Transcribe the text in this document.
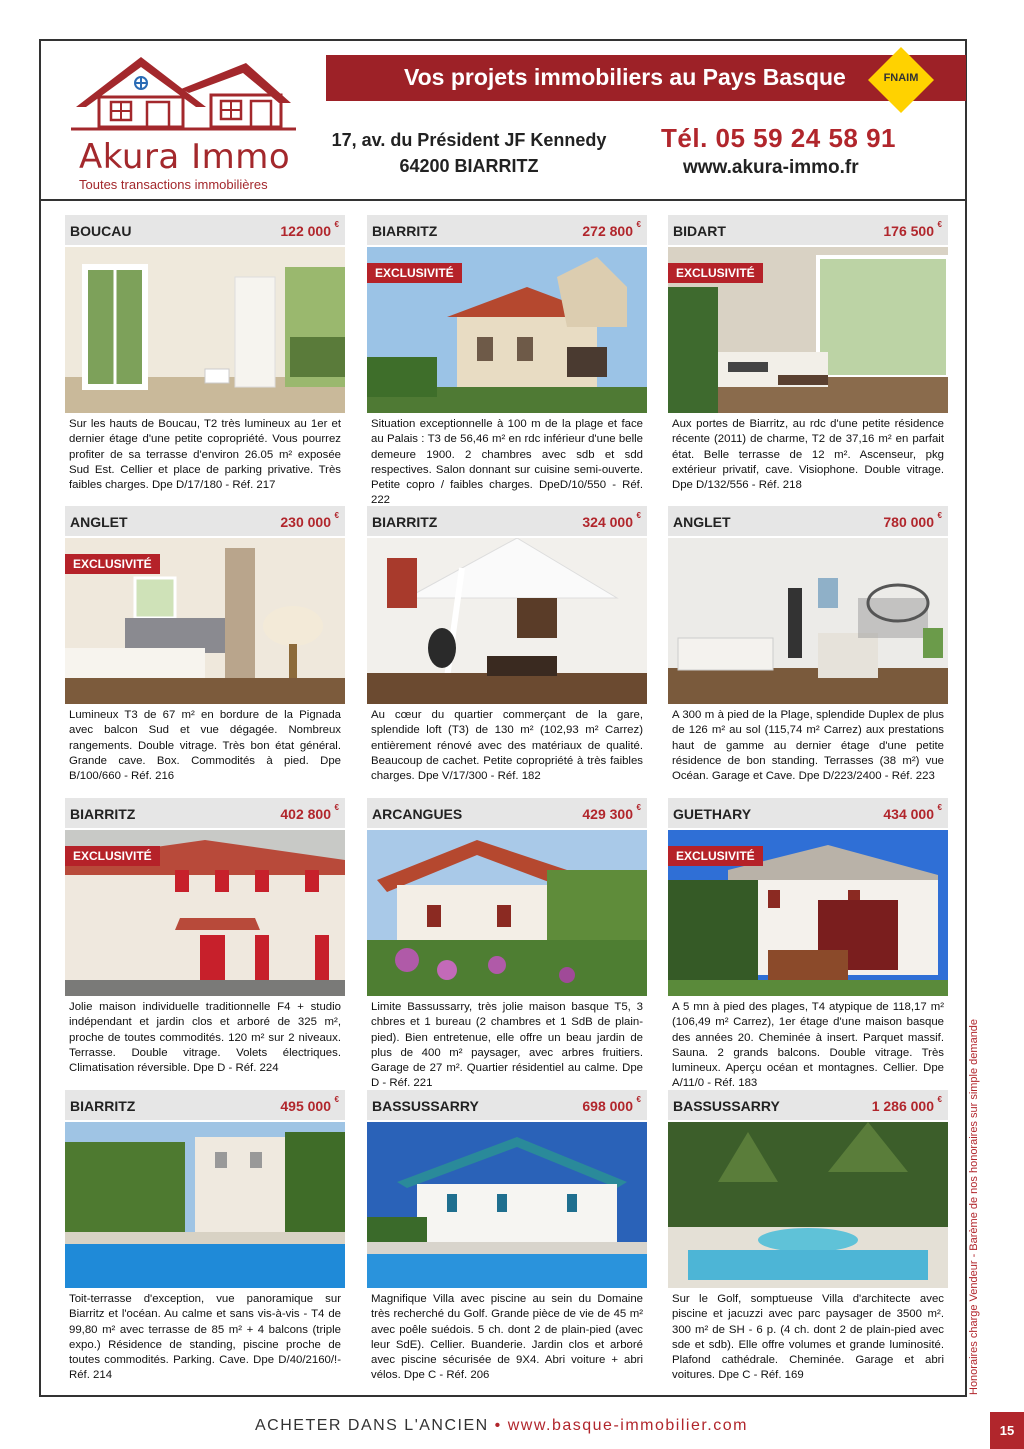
Akura Immo
Toutes transactions immobilières
Vos projets immobiliers au Pays Basque	FNAIM
17, av. du Président JF Kennedy
64200 BIARRITZ
Tél. 05 59 24 58 91
www.akura-immo.fr
BOUCAU	122 000 €
Sur les hauts de Boucau, T2 très lumineux au 1er et dernier étage d'une petite copropriété. Vous pourrez profiter de sa terrasse d'environ 26.05 m² exposée Sud Est. Cellier et place de parking privative. Très faibles charges. Dpe D/17/180 - Réf. 217
BIARRITZ	272 800 €
EXCLUSIVITÉ
Situation exceptionnelle à 100 m de la plage et face au Palais : T3 de 56,46 m² en rdc inférieur d'une belle demeure 1900. 2 chambres avec sdb et sdd respectives. Salon donnant sur cuisine semi-ouverte. Petite copro / faibles charges. DpeD/10/550 - Réf. 222
BIDART	176 500 €
EXCLUSIVITÉ
Aux portes de Biarritz, au rdc d'une petite résidence récente (2011) de charme, T2 de 37,16 m² en parfait état. Belle terrasse de 12 m². Ascenseur, pkg extérieur privatif, cave. Visiophone. Double vitrage. Dpe D/132/556 - Réf. 218
ANGLET	230 000 €
EXCLUSIVITÉ
Lumineux T3 de 67 m² en bordure de la Pignada avec balcon Sud et vue dégagée. Nombreux rangements. Double vitrage. Très bon état général. Grande cave. Box. Commodités à pied. Dpe B/100/660 - Réf. 216
BIARRITZ	324 000 €
Au cœur du quartier commerçant de la gare, splendide loft (T3) de 130 m² (102,93 m² Carrez) entièrement rénové avec des matériaux de qualité. Beaucoup de cachet. Petite copropriété à très faibles charges. Dpe V/17/300 - Réf. 182
ANGLET	780 000 €
A 300 m à pied de la Plage, splendide Duplex de plus de 126 m² au sol (115,74 m² Carrez) aux prestations haut de gamme au dernier étage d'une petite résidence de bon standing. Terrasses (38 m²) vue Océan. Garage et Cave. Dpe D/223/2400 - Réf. 223
BIARRITZ	402 800 €
EXCLUSIVITÉ
Jolie maison individuelle traditionnelle F4 + studio indépendant et jardin clos et arboré de 325 m², proche de toutes commodités. 120 m² sur 2 niveaux. Terrasse. Double vitrage. Volets électriques. Climatisation réversible. Dpe D - Réf. 224
ARCANGUES	429 300 €
Limite Bassussarry, très jolie maison basque T5, 3 chbres et 1 bureau (2 chambres et 1 SdB de plain-pied). Bien entretenue, elle offre un beau jardin de plus de 400 m² paysager, avec arbres fruitiers. Garage de 27 m². Quartier résidentiel au calme. Dpe D - Réf. 221
GUETHARY	434 000 €
EXCLUSIVITÉ
A 5 mn à pied des plages, T4 atypique de 118,17 m² (106,49 m² Carrez), 1er étage d'une maison basque des années 20. Cheminée à insert. Parquet massif. Sauna. 2 grands balcons. Double vitrage. Très lumineux. Aperçu océan et montagnes. Cellier. Dpe A/11/0 - Réf. 183
BIARRITZ	495 000 €
Toit-terrasse d'exception, vue panoramique sur Biarritz et l'océan. Au calme et sans vis-à-vis - T4 de 99,80 m² avec terrasse de 85 m² + 4 balcons (triple expo.) Résidence de standing, piscine proche de toutes commodités. Parking. Cave. Dpe D/40/2160/!- Réf. 214
BASSUSSARRY	698 000 €
Magnifique Villa avec piscine au sein du Domaine très recherché du Golf. Grande pièce de vie de 45 m² avec poêle suédois. 5 ch. dont 2 de plain-pied (avec leur SdE). Cellier. Buanderie. Jardin clos et arboré avec piscine sécurisée de 9X4. Abri voiture + abri vélos. Dpe C - Réf. 206
BASSUSSARRY	1 286 000 €
Sur le Golf, somptueuse Villa d'architecte avec piscine et jacuzzi avec parc paysager de 3500 m². 300 m² de SH - 6 p. (4 ch. dont 2 de plain-pied avec sde et sdb). Elle offre volumes et grande luminosité. Plafond cathédrale. Cheminée. Garage et abri voitures. Dpe C - Réf. 169	Honoraires charge Vendeur - Barème de nos honoraires sur simple demande
ACHETER DANS L'ANCIEN • www.basque-immobilier.com	15
